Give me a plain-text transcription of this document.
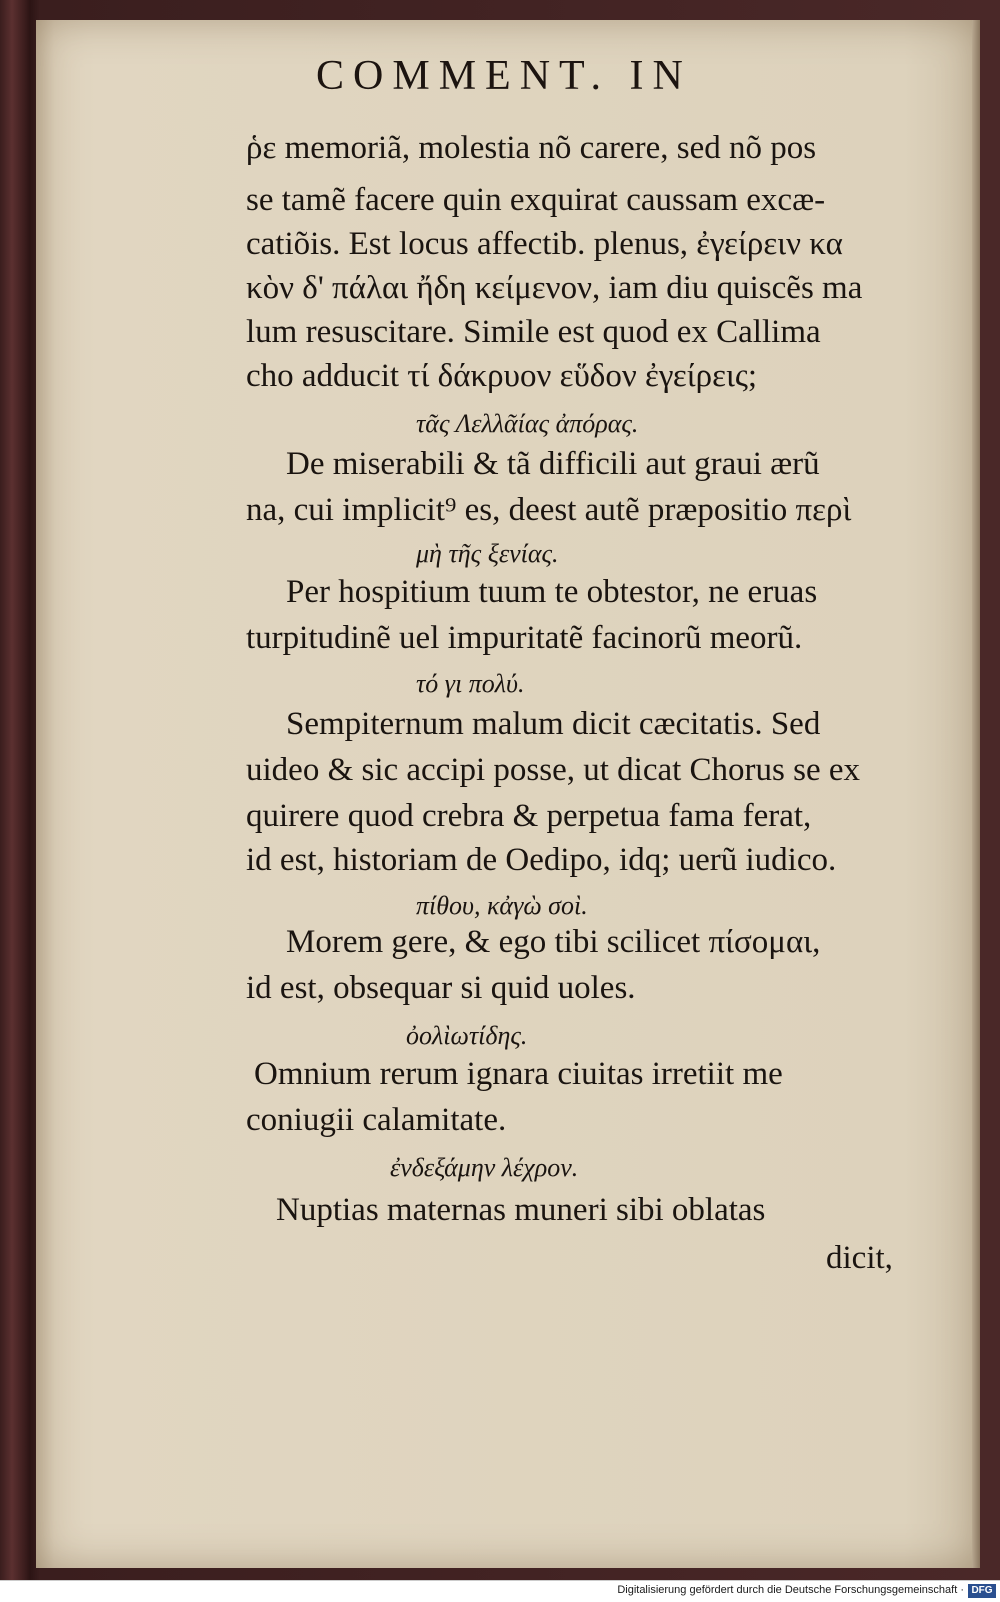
COMMENT. IN
ῥε memoriã, molestia nõ carere, sed nõ pos
se tamẽ facere quin exquirat caussam excæ-
catiõis. Est locus affectib. plenus, ἐγείρειν κα
κὸν δ' πάλαι ἤδη κείμενον, iam diu quiscẽs ma
lum resuscitare. Simile est quod ex Callima
cho adducit τί δάκρυον εὕδον ἐγείρεις;
τᾶς Λελλᾶίας ἀπόρας.
De miserabili & tã difficili aut graui ærũ
na, cui implicit⁹ es, deest autẽ præpositio περὶ
μὴ τῆς ξενίας.
Per hospitium tuum te obtestor, ne eruas
turpitudinẽ uel impuritatẽ facinorũ meorũ.
τό γι πολύ.
Sempiternum malum dicit cæcitatis. Sed
uideo & sic accipi posse, ut dicat Chorus se ex
quirere quod crebra & perpetua fama ferat,
id est, historiam de Oedipo, idq; uerũ iudico.
πίθου, κἀγὼ σοὶ.
Morem gere, & ego tibi scilicet πίσομαι,
id est, obsequar si quid uoles.
ὀολὶωτίδης.
Omnium rerum ignara ciuitas irretiit me
coniugii calamitate.
ἐνδεξάμην λέχρον.
Nuptias maternas muneri sibi oblatas
dicit,
Digitalisierung gefördert durch die Deutsche Forschungsgemeinschaft · DFG
